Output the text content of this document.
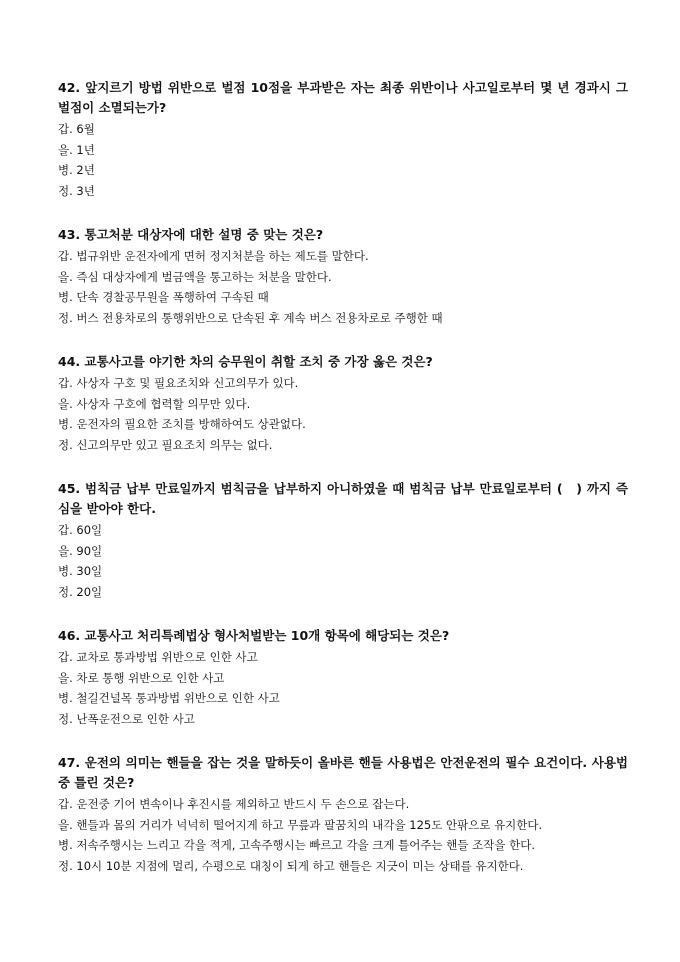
42. 앞지르기 방법 위반으로 벌점 10점을 부과받은 자는 최종 위반이나 사고일로부터 몇 년 경과시 그 벌점이 소멸되는가?
갑. 6월
을. 1년
병. 2년
정. 3년
43. 통고처분 대상자에 대한 설명 중 맞는 것은?
갑. 법규위반 운전자에게 면허 정지처분을 하는 제도를 말한다.
을. 즉심 대상자에게 벌금액을 통고하는 처분을 말한다.
병. 단속 경찰공무원을 폭행하여 구속된 때
정. 버스 전용차로의 통행위반으로 단속된 후 계속 버스 전용차로로 주행한 때
44. 교통사고를 야기한 차의 승무원이 취할 조치 중 가장 옳은 것은?
갑. 사상자 구호 및 필요조치와 신고의무가 있다.
을. 사상자 구호에 협력할 의무만 있다.
병. 운전자의 필요한 조치를 방해하여도 상관없다.
정. 신고의무만 있고 필요조치 의무는 없다.
45. 범칙금 납부 만료일까지 범칙금을 납부하지 아니하였을 때 범칙금 납부 만료일로부터 (　) 까지 즉심을 받아야 한다.
갑. 60일
을. 90일
병. 30일
정. 20일
46. 교통사고 처리특례법상 형사처벌받는 10개 항목에 해당되는 것은?
갑. 교차로 통과방법 위반으로 인한 사고
을. 차로 통행 위반으로 인한 사고
병. 철길건널목 통과방법 위반으로 인한 사고
정. 난폭운전으로 인한 사고
47. 운전의 의미는 핸들을 잡는 것을 말하듯이 올바른 핸들 사용법은 안전운전의 필수 요건이다. 사용법 중 틀린 것은?
갑. 운전중 기어 변속이나 후진시를 제외하고 반드시 두 손으로 잡는다.
을. 핸들과 몸의 거리가 넉넉히 떨어지게 하고 무릎과 팔꿈치의 내각을 125도 안팎으로 유지한다.
병. 저속주행시는 느리고 각을 적게, 고속주행시는 빠르고 각을 크게 틀어주는 핸들 조작을 한다.
정. 10시 10분 지점에 멀리, 수평으로 대칭이 되게 하고 핸들은 지긋이 미는 상태를 유지한다.
